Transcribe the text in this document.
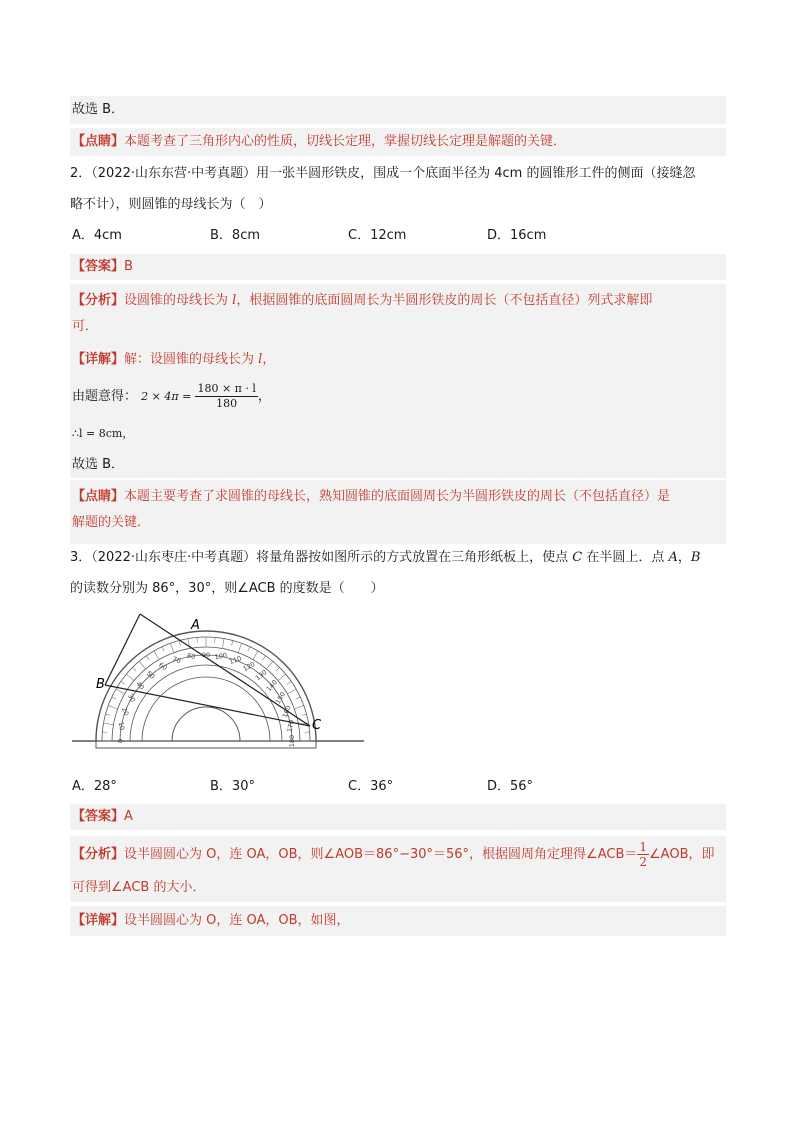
故选 B．
【点睛】本题考查了三角形内心的性质，切线长定理，掌握切线长定理是解题的关键．
2．（2022·山东东营·中考真题）用一张半圆形铁皮，围成一个底面半径为 4cm 的圆锥形工件的侧面（接缝忽
略不计），则圆锥的母线长为（　）
A．4cm	B．8cm	C．12cm	D．16cm
【答案】B
【分析】设圆锥的母线长为 l，根据圆锥的底面圆周长为半圆形铁皮的周长（不包括直径）列式求解即
可．
【详解】解：设圆锥的母线长为 l，
由题意得： $2 \times 4\pi = \frac{180 \times \pi \cdot l}{180}$ ，
∴l = 8cm，
故选 B．
【点睛】本题主要考查了求圆锥的母线长，熟知圆锥的底面圆周长为半圆形铁皮的周长（不包括直径）是
解题的关键．
3．（2022·山东枣庄·中考真题）将量角器按如图所示的方式放置在三角形纸板上，使点 C 在半圆上．点 A，B
的读数分别为 86°，30°，则∠ACB 的度数是（　　）
0
10
20
30
40
50
60
70 80 90 100 110 120
130
140
150
160
170
180
A
B
C
A．28°	B．30°	C．36°	D．56°
【答案】A
【分析】设半圆圆心为 O，连 OA，OB，则∠AOB＝86°−30°＝56°，根据圆周角定理得∠ACB＝ $\frac{1}{2}$ ∠AOB，即
可得到∠ACB 的大小．
【详解】设半圆圆心为 O，连 OA，OB，如图，
